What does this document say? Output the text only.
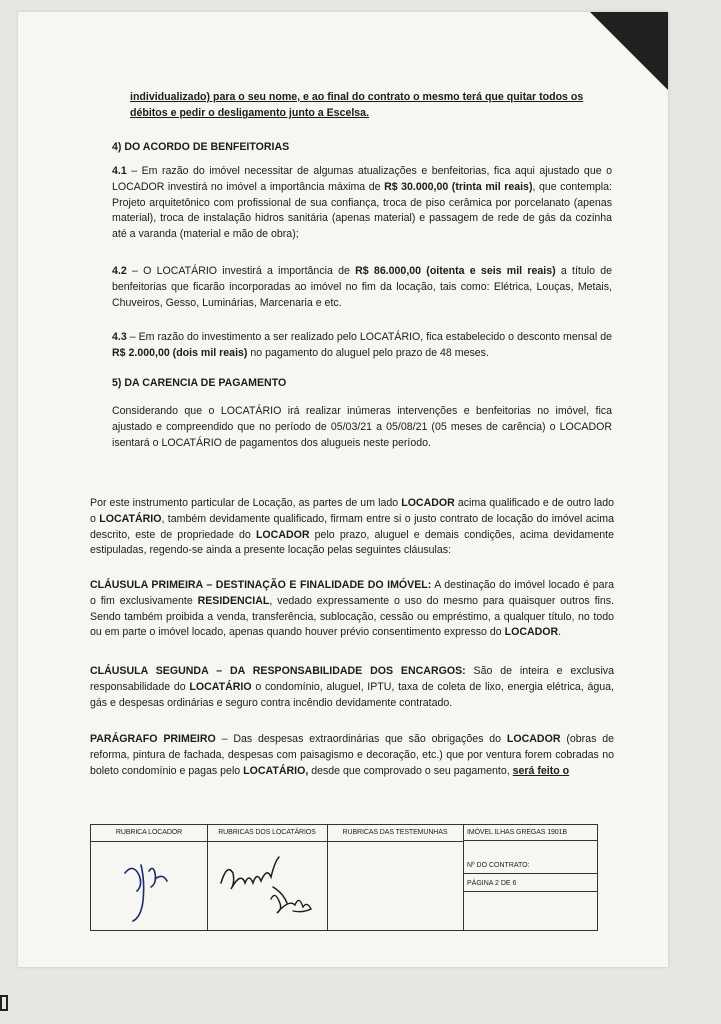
individualizado) para o seu nome, e ao final do contrato o mesmo terá que quitar todos os

débitos e pedir o desligamento junto a Escelsa.

4) DO ACORDO DE BENFEITORIAS

4.1 – Em razão do imóvel necessitar de algumas atualizações e benfeitorias, fica aqui ajustado que o LOCADOR investirá no imóvel a importância máxima de R$ 30.000,00 (trinta mil reais), que contempla: Projeto arquitetônico com profissional de sua confiança, troca de piso cerâmica por porcelanato (apenas material), troca de instalação hidros sanitária (apenas material) e passagem de rede de gás da cozinha até a varanda (material e mão de obra);

4.2 – O LOCATÁRIO investirá a importância de R$ 86.000,00 (oitenta e seis mil reais) a título de benfeitorias que ficarão incorporadas ao imóvel no fim da locação, tais como: Elétrica, Louças, Metais, Chuveiros, Gesso, Luminárias, Marcenaria e etc.

4.3 – Em razão do investimento a ser realizado pelo LOCATÁRIO, fica estabelecido o desconto mensal de R$ 2.000,00 (dois mil reais) no pagamento do aluguel pelo prazo de 48 meses.

5) DA CARENCIA DE PAGAMENTO

Considerando que o LOCATÁRIO irá realizar inúmeras intervenções e benfeitorias no imóvel, fica ajustado e compreendido que no período de 05/03/21 a 05/08/21 (05 meses de carência) o LOCADOR isentará o LOCATÁRIO de pagamentos dos alugueis neste período.

Por este instrumento particular de Locação, as partes de um lado LOCADOR acima qualificado e de outro lado o LOCATÁRIO, também devidamente qualificado, firmam entre si o justo contrato de locação do imóvel acima descrito, este de propriedade do LOCADOR pelo prazo, aluguel e demais condições, acima devidamente estipuladas, regendo-se ainda a presente locação pelas seguintes cláusulas:

CLÁUSULA PRIMEIRA – DESTINAÇÃO E FINALIDADE DO IMÓVEL: A destinação do imóvel locado é para o fim exclusivamente RESIDENCIAL, vedado expressamente o uso do mesmo para quaisquer outros fins. Sendo também proibida a venda, transferência, sublocação, cessão ou empréstimo, a qualquer título, no todo ou em parte o imóvel locado, apenas quando houver prévio consentimento expresso do LOCADOR.

CLÁUSULA SEGUNDA – DA RESPONSABILIDADE DOS ENCARGOS: São de inteira e exclusiva responsabilidade do LOCATÁRIO o condomínio, aluguel, IPTU, taxa de coleta de lixo, energia elétrica, água, gás e despesas ordinárias e seguro contra incêndio devidamente contratado.

PARÁGRAFO PRIMEIRO – Das despesas extraordinárias que são obrigações do LOCADOR (obras de reforma, pintura de fachada, despesas com paisagismo e decoração, etc.) que por ventura forem cobradas no boleto condomínio e pagas pelo LOCATÁRIO, desde que comprovado o seu pagamento, será feito o

RUBRICA LOCADOR	RUBRICAS DOS LOCATÁRIOS	RUBRICAS DAS TESTEMUNHAS	IMÓVEL ILHAS GREGAS 1901B
Nº DO CONTRATO:
PÁGINA 2 DE 6
